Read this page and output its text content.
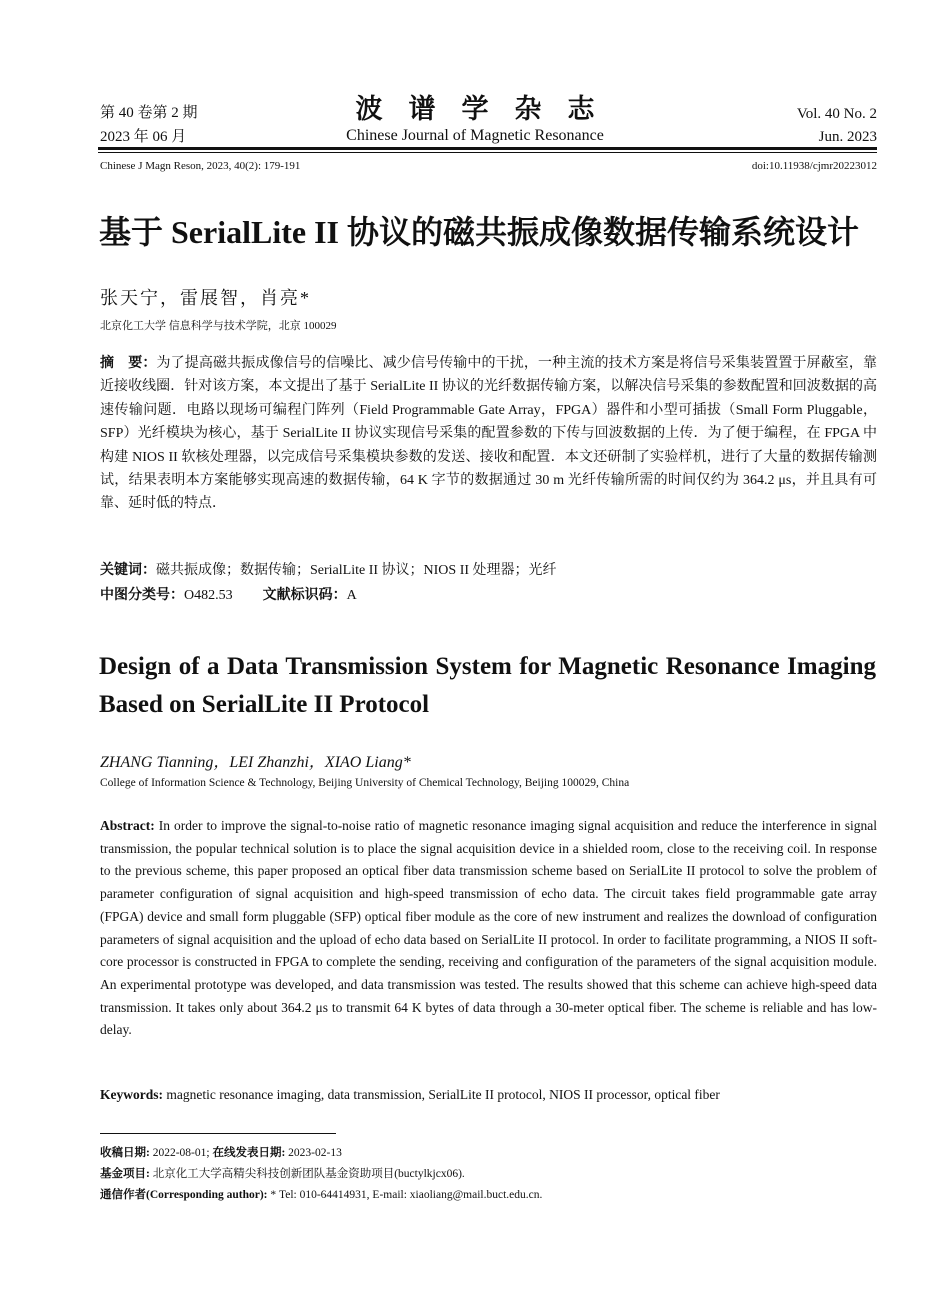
第 40 卷第 2 期
2023 年 06 月
波谱学杂志
Chinese Journal of Magnetic Resonance
Vol. 40 No. 2
Jun. 2023
Chinese J Magn Reson, 2023, 40(2): 179-191	doi:10.11938/cjmr20223012
基于 SerialLite II 协议的磁共振成像数据传输系统设计
张天宁，雷展智，肖亮*
北京化工大学 信息科学与技术学院，北京 100029
摘　要：为了提高磁共振成像信号的信噪比、减少信号传输中的干扰，一种主流的技术方案是将信号采集装置置于屏蔽室，靠近接收线圈．针对该方案，本文提出了基于 SerialLite II 协议的光纤数据传输方案，以解决信号采集的参数配置和回波数据的高速传输问题．电路以现场可编程门阵列（Field Programmable Gate Array，FPGA）器件和小型可插拔（Small Form Pluggable，SFP）光纤模块为核心，基于 SerialLite II 协议实现信号采集的配置参数的下传与回波数据的上传．为了便于编程，在 FPGA 中构建 NIOS II 软核处理器，以完成信号采集模块参数的发送、接收和配置．本文还研制了实验样机，进行了大量的数据传输测试，结果表明本方案能够实现高速的数据传输，64 K 字节的数据通过 30 m 光纤传输所需的时间仅约为 364.2 μs，并且具有可靠、延时低的特点．
关键词：磁共振成像；数据传输；SerialLite II 协议；NIOS II 处理器；光纤
中图分类号：O482.53 文献标识码：A
Design of a Data Transmission System for Magnetic Resonance Imaging Based on SerialLite II Protocol
ZHANG Tianning，LEI Zhanzhi，XIAO Liang*
College of Information Science & Technology, Beijing University of Chemical Technology, Beijing 100029, China
Abstract: In order to improve the signal-to-noise ratio of magnetic resonance imaging signal acquisition and reduce the interference in signal transmission, the popular technical solution is to place the signal acquisition device in a shielded room, close to the receiving coil. In response to the previous scheme, this paper proposed an optical fiber data transmission scheme based on SerialLite II protocol to solve the problem of parameter configuration of signal acquisition and high-speed transmission of echo data. The circuit takes field programmable gate array (FPGA) device and small form pluggable (SFP) optical fiber module as the core of new instrument and realizes the download of configuration parameters of signal acquisition and the upload of echo data based on SerialLite II protocol. In order to facilitate programming, a NIOS II soft-core processor is constructed in FPGA to complete the sending, receiving and configuration of the parameters of the signal acquisition module. An experimental prototype was developed, and data transmission was tested. The results showed that this scheme can achieve high-speed data transmission. It takes only about 364.2 μs to transmit 64 K bytes of data through a 30-meter optical fiber. The scheme is reliable and has low-delay.
Keywords: magnetic resonance imaging, data transmission, SerialLite II protocol, NIOS II processor, optical fiber
收稿日期: 2022-08-01; 在线发表日期: 2023-02-13
基金项目: 北京化工大学高精尖科技创新团队基金资助项目(buctylkjcx06).
通信作者(Corresponding author): * Tel: 010-64414931, E-mail: xiaoliang@mail.buct.edu.cn.
